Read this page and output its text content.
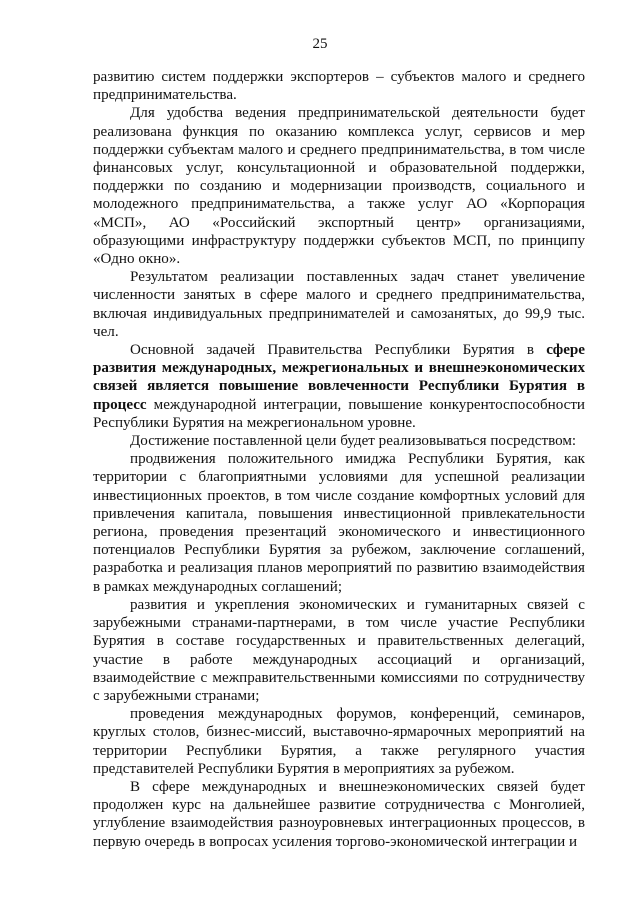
25

развитию систем поддержки экспортеров – субъектов малого и среднего предпринимательства.

Для удобства ведения предпринимательской деятельности будет реализована функция по оказанию комплекса услуг, сервисов и мер поддержки субъектам малого и среднего предпринимательства, в том числе финансовых услуг, консультационной и образовательной поддержки, поддержки по созданию и модернизации производств, социального и молодежного предпринимательства, а также услуг АО «Корпорация «МСП», АО «Российский экспортный центр» организациями, образующими инфраструктуру поддержки субъектов МСП, по принципу «Одно окно».

Результатом реализации поставленных задач станет увеличение численности занятых в сфере малого и среднего предпринимательства, включая индивидуальных предпринимателей и самозанятых, до 99,9 тыс. чел.

Основной задачей Правительства Республики Бурятия в сфере развития международных, межрегиональных и внешнеэкономических связей является повышение вовлеченности Республики Бурятия в процесс международной интеграции, повышение конкурентоспособности Республики Бурятия на межрегиональном уровне.

Достижение поставленной цели будет реализовываться посредством:

продвижения положительного имиджа Республики Бурятия, как территории с благоприятными условиями для успешной реализации инвестиционных проектов, в том числе создание комфортных условий для привлечения капитала, повышения инвестиционной привлекательности региона, проведения презентаций экономического и инвестиционного потенциалов Республики Бурятия за рубежом, заключение соглашений, разработка и реализация планов мероприятий по развитию взаимодействия в рамках международных соглашений;

развития и укрепления экономических и гуманитарных связей с зарубежными странами-партнерами, в том числе участие Республики Бурятия в составе государственных и правительственных делегаций, участие в работе международных ассоциаций и организаций, взаимодействие с межправительственными комиссиями по сотрудничеству с зарубежными странами;

проведения международных форумов, конференций, семинаров, круглых столов, бизнес-миссий, выставочно-ярмарочных мероприятий на территории Республики Бурятия, а также регулярного участия представителей Республики Бурятия в мероприятиях за рубежом.

В сфере международных и внешнеэкономических связей будет продолжен курс на дальнейшее развитие сотрудничества с Монголией, углубление взаимодействия разноуровневых интеграционных процессов, в первую очередь в вопросах усиления торгово-экономической интеграции и
